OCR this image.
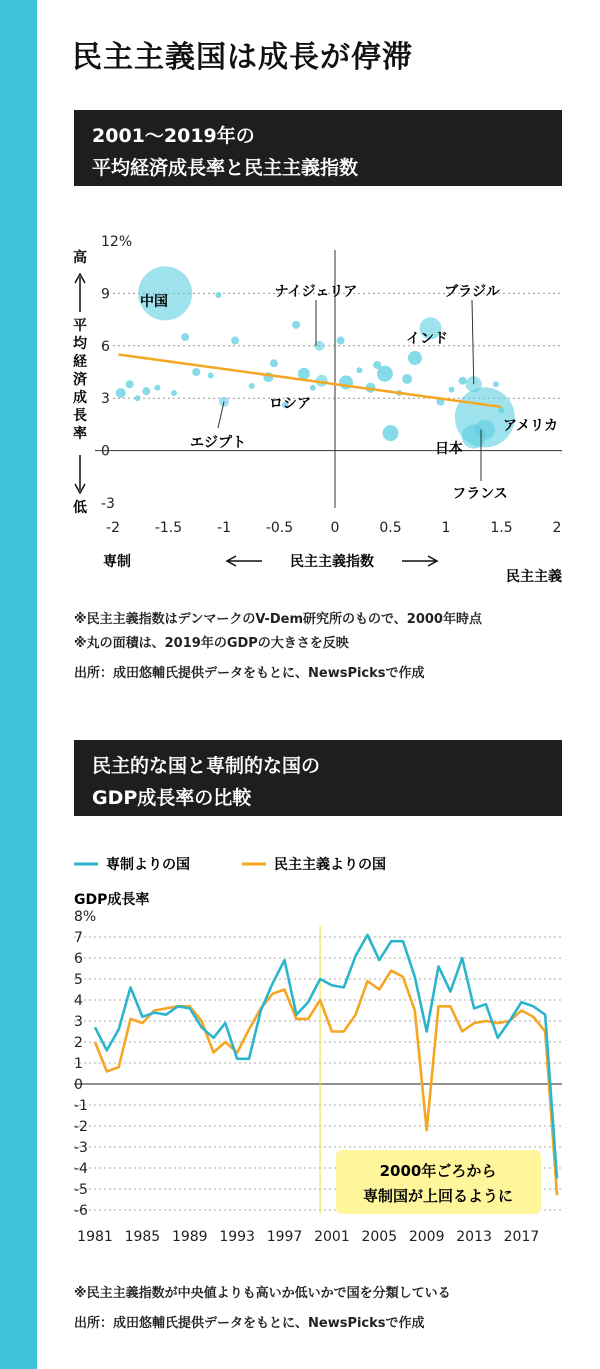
民主主義国は成長が停滞
2001～2019年の
平均経済成長率と民主主義指数
12%
9
6
3
0
-3
-2 -1.5 -1 -0.5	0	0.5	1	1.5	2
高
平均経済成長率
低
専制	民主主義指数
民主主義
中国
ナイジェリア	ブラジル
インド
ロシア
エジプト
アメリカ
日本
フランス
※民主主義指数はデンマークのV-Dem研究所のもので、2000年時点
※丸の面積は、2019年のGDPの大きさを反映
出所：成田悠輔氏提供データをもとに、NewsPicksで作成
民主的な国と専制的な国の
GDP成長率の比較
専制よりの国	民主主義よりの国
GDP成長率
8%
7
6
5
4
3
2
1
0
-1
-2
-3
-4
-5
-6
1981 1985 1989 1993 1997 2001 2005 2009 2013 2017
2000年ごろから
専制国が上回るように
※民主主義指数が中央値よりも高いか低いかで国を分類している
出所：成田悠輔氏提供データをもとに、NewsPicksで作成
